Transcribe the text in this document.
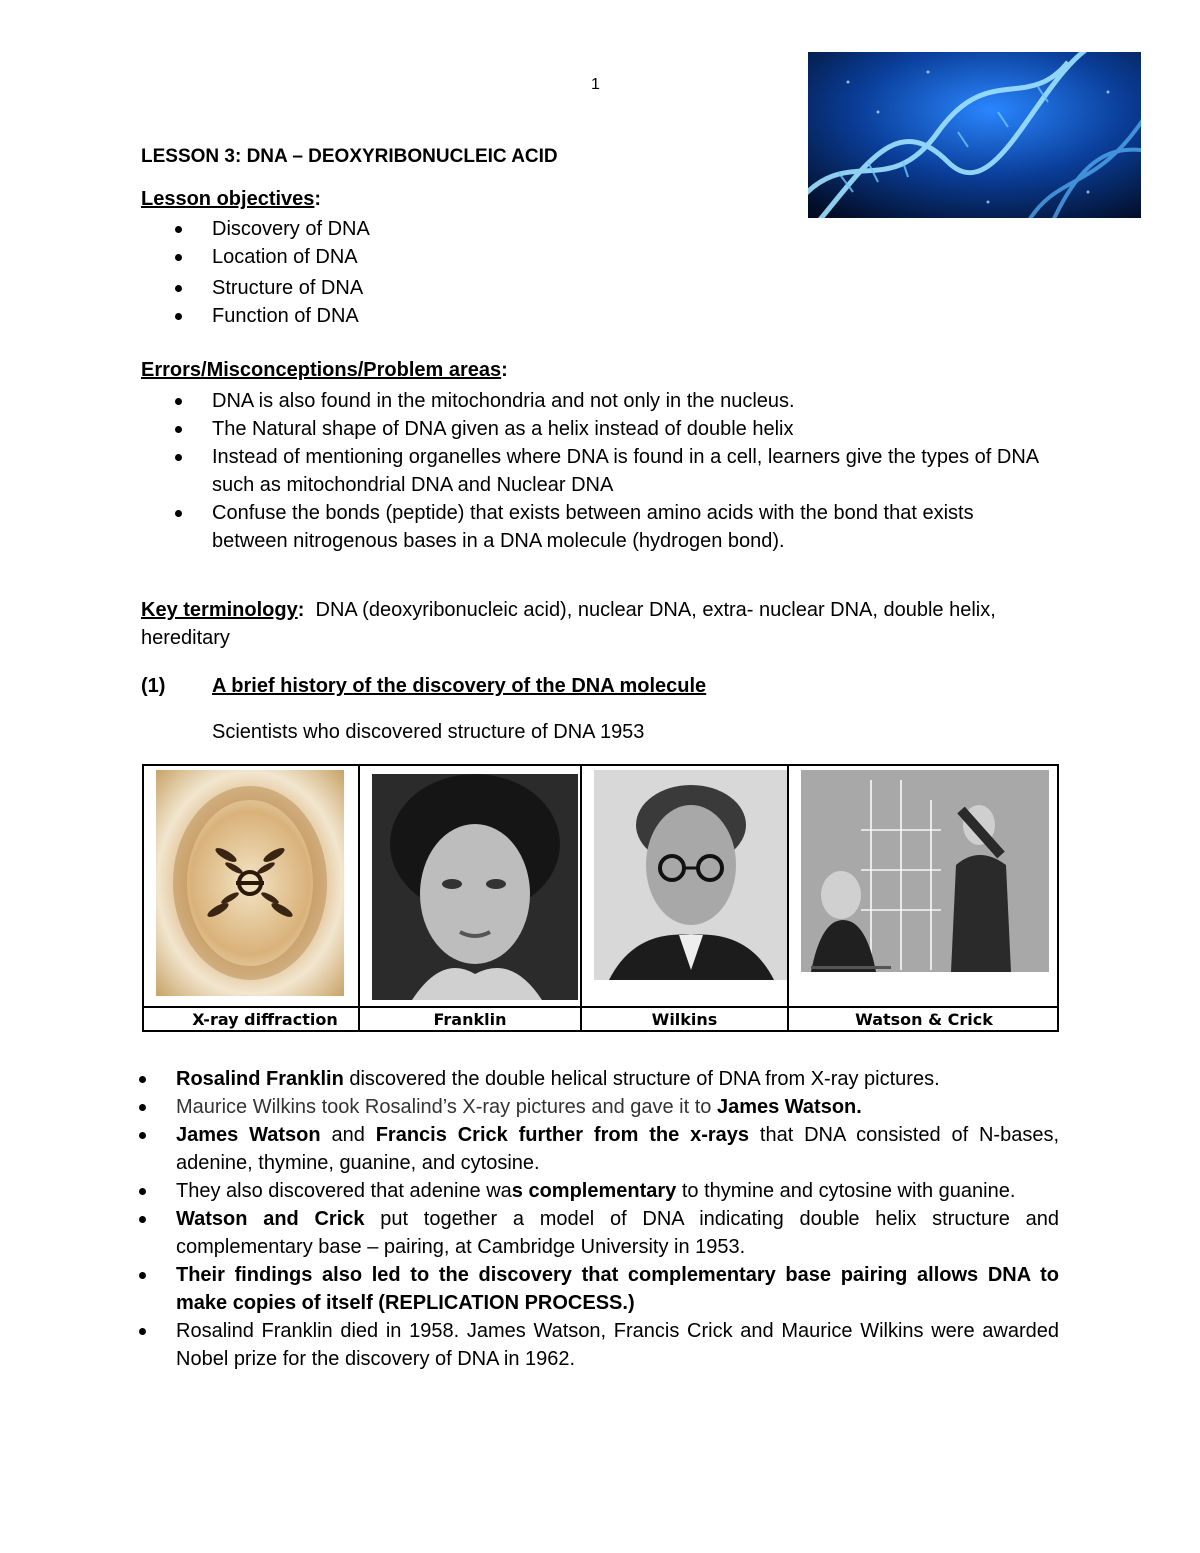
1
LESSON 3: DNA – DEOXYRIBONUCLEIC ACID
Lesson objectives:
Discovery of DNA
Location of DNA
Structure of DNA
Function of DNA
Errors/Misconceptions/Problem areas:
DNA is also found in the mitochondria and not only in the nucleus.
The Natural shape of DNA given as a helix instead of double helix
Instead of mentioning organelles where DNA is found in a cell, learners give the types of DNA such as mitochondrial DNA and Nuclear DNA
Confuse the bonds (peptide) that exists between amino acids with the bond that exists between nitrogenous bases in a DNA molecule (hydrogen bond).
Key terminology: DNA (deoxyribonucleic acid), nuclear DNA, extra- nuclear DNA, double helix, hereditary
(1) A brief history of the discovery of the DNA molecule
Scientists who discovered structure of DNA 1953
X-ray diffraction	Franklin	Wilkins	Watson & Crick
Rosalind Franklin discovered the double helical structure of DNA from X-ray pictures.
Maurice Wilkins took Rosalind’s X-ray pictures and gave it to James Watson.
James Watson and Francis Crick further from the x-rays that DNA consisted of N-bases, adenine, thymine, guanine, and cytosine.
They also discovered that adenine was complementary to thymine and cytosine with guanine.
Watson and Crick put together a model of DNA indicating double helix structure and complementary base – pairing, at Cambridge University in 1953.
Their findings also led to the discovery that complementary base pairing allows DNA to make copies of itself (REPLICATION PROCESS.)
Rosalind Franklin died in 1958. James Watson, Francis Crick and Maurice Wilkins were awarded Nobel prize for the discovery of DNA in 1962.
